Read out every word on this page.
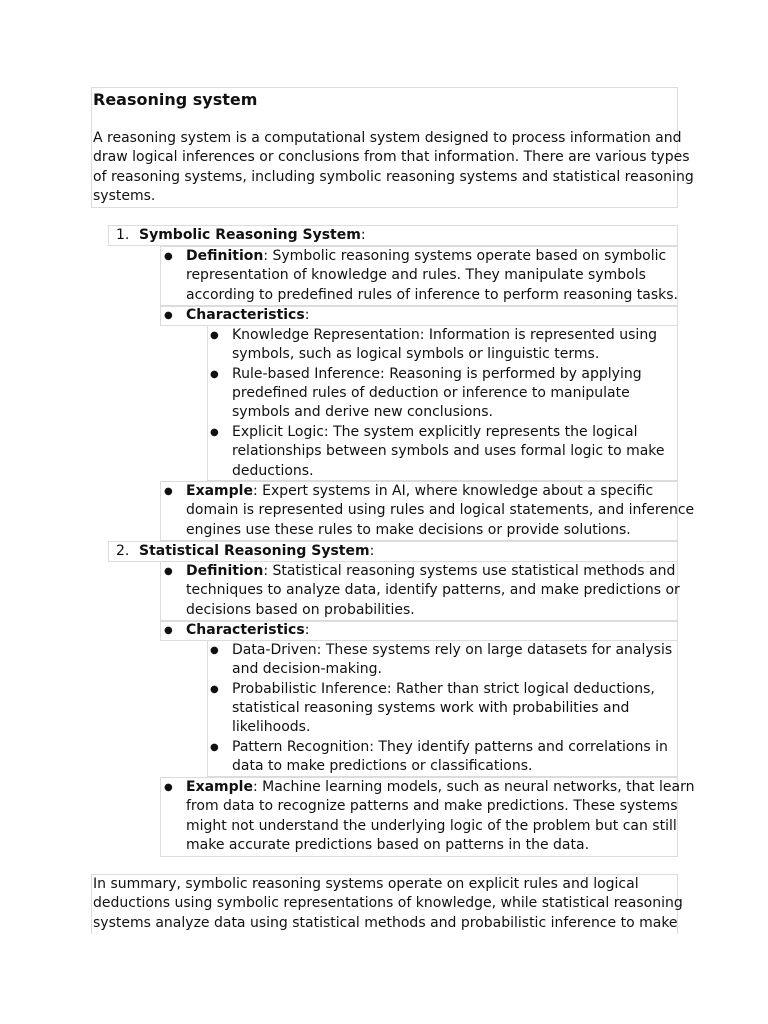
Reasoning system
A reasoning system is a computational system designed to process information and
draw logical inferences or conclusions from that information. There are various types
of reasoning systems, including symbolic reasoning systems and statistical reasoning
systems.
1. Symbolic Reasoning System:
● Definition: Symbolic reasoning systems operate based on symbolic
representation of knowledge and rules. They manipulate symbols
according to predefined rules of inference to perform reasoning tasks.
● Characteristics:
● Knowledge Representation: Information is represented using
symbols, such as logical symbols or linguistic terms.
● Rule-based Inference: Reasoning is performed by applying
predefined rules of deduction or inference to manipulate
symbols and derive new conclusions.
● Explicit Logic: The system explicitly represents the logical
relationships between symbols and uses formal logic to make
deductions.
● Example: Expert systems in AI, where knowledge about a specific
domain is represented using rules and logical statements, and inference
engines use these rules to make decisions or provide solutions.
2. Statistical Reasoning System:
● Definition: Statistical reasoning systems use statistical methods and
techniques to analyze data, identify patterns, and make predictions or
decisions based on probabilities.
● Characteristics:
● Data-Driven: These systems rely on large datasets for analysis
and decision-making.
● Probabilistic Inference: Rather than strict logical deductions,
statistical reasoning systems work with probabilities and
likelihoods.
● Pattern Recognition: They identify patterns and correlations in
data to make predictions or classifications.
● Example: Machine learning models, such as neural networks, that learn
from data to recognize patterns and make predictions. These systems
might not understand the underlying logic of the problem but can still
make accurate predictions based on patterns in the data.
In summary, symbolic reasoning systems operate on explicit rules and logical
deductions using symbolic representations of knowledge, while statistical reasoning
systems analyze data using statistical methods and probabilistic inference to make
